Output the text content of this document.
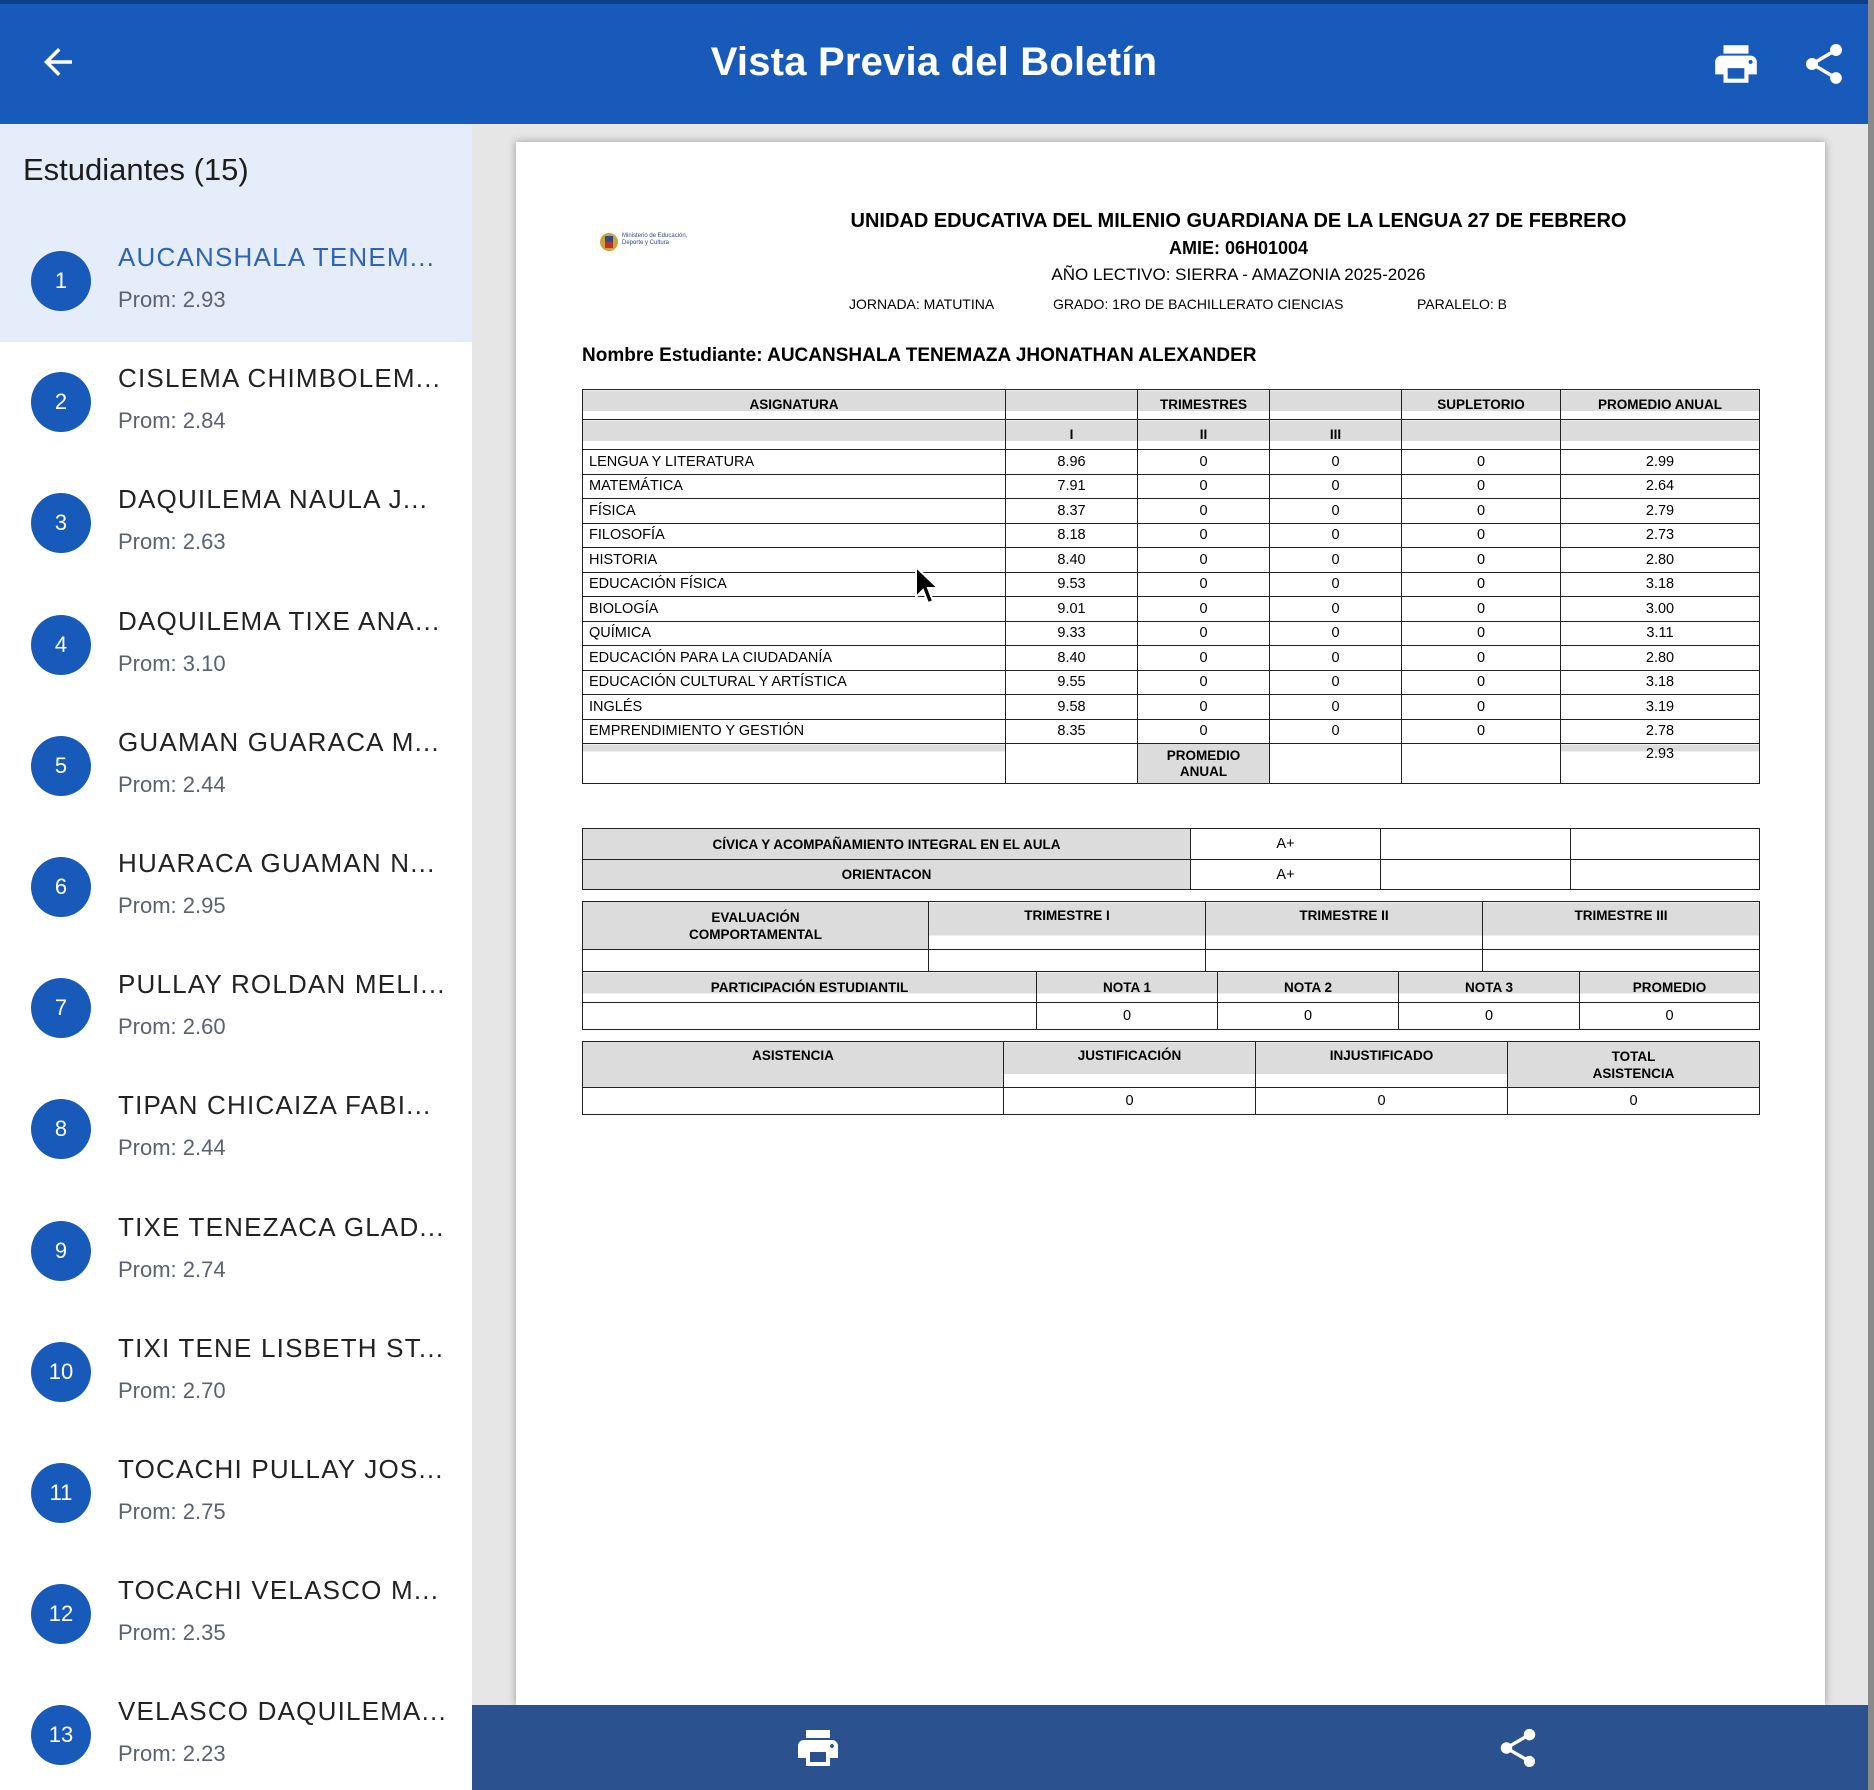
Vista Previa del Boletín
Estudiantes (15)
1
AUCANSHALA TENEM...
Prom: 2.93
2
CISLEMA CHIMBOLEM...
Prom: 2.84
3
DAQUILEMA NAULA J...
Prom: 2.63
4
DAQUILEMA TIXE ANA...
Prom: 3.10
5
GUAMAN GUARACA M...
Prom: 2.44
6
HUARACA GUAMAN N...
Prom: 2.95
7
PULLAY ROLDAN MELI...
Prom: 2.60
8
TIPAN CHICAIZA FABI...
Prom: 2.44
9
TIXE TENEZACA GLAD...
Prom: 2.74
10
TIXI TENE LISBETH ST...
Prom: 2.70
11
TOCACHI PULLAY JOS...
Prom: 2.75
12
TOCACHI VELASCO M...
Prom: 2.35
13
VELASCO DAQUILEMA...
Prom: 2.23
Ministerio de Educación, Deporte y Cultura
UNIDAD EDUCATIVA DEL MILENIO GUARDIANA DE LA LENGUA 27 DE FEBRERO
AMIE: 06H01004
AÑO LECTIVO: SIERRA - AMAZONIA 2025-2026
JORNADA: MATUTINA	GRADO: 1RO DE BACHILLERATO CIENCIAS	PARALELO: B
Nombre Estudiante: AUCANSHALA TENEMAZA JHONATHAN ALEXANDER
ASIGNATURA		TRIMESTRES		SUPLETORIO	PROMEDIO ANUAL
	I	II	III		
LENGUA Y LITERATURA	8.96	0	0	0	2.99
MATEMÁTICA	7.91	0	0	0	2.64
FÍSICA	8.37	0	0	0	2.79
FILOSOFÍA	8.18	0	0	0	2.73
HISTORIA	8.40	0	0	0	2.80
EDUCACIÓN FÍSICA	9.53	0	0	0	3.18
BIOLOGÍA	9.01	0	0	0	3.00
QUÍMICA	9.33	0	0	0	3.11
EDUCACIÓN PARA LA CIUDADANÍA	8.40	0	0	0	2.80
EDUCACIÓN CULTURAL Y ARTÍSTICA	9.55	0	0	0	3.18
INGLÉS	9.58	0	0	0	3.19
EMPRENDIMIENTO Y GESTIÓN	8.35	0	0	0	2.78
		PROMEDIO ANUAL			2.93
CÍVICA Y ACOMPAÑAMIENTO INTEGRAL EN EL AULA	A+		
ORIENTACON	A+		
EVALUACIÓN COMPORTAMENTAL	TRIMESTRE I	TRIMESTRE II	TRIMESTRE III

PARTICIPACIÓN ESTUDIANTIL	NOTA 1	NOTA 2	NOTA 3	PROMEDIO
	0	0	0	0
ASISTENCIA	JUSTIFICACIÓN	INJUSTIFICADO	TOTAL ASISTENCIA
	0	0	0
